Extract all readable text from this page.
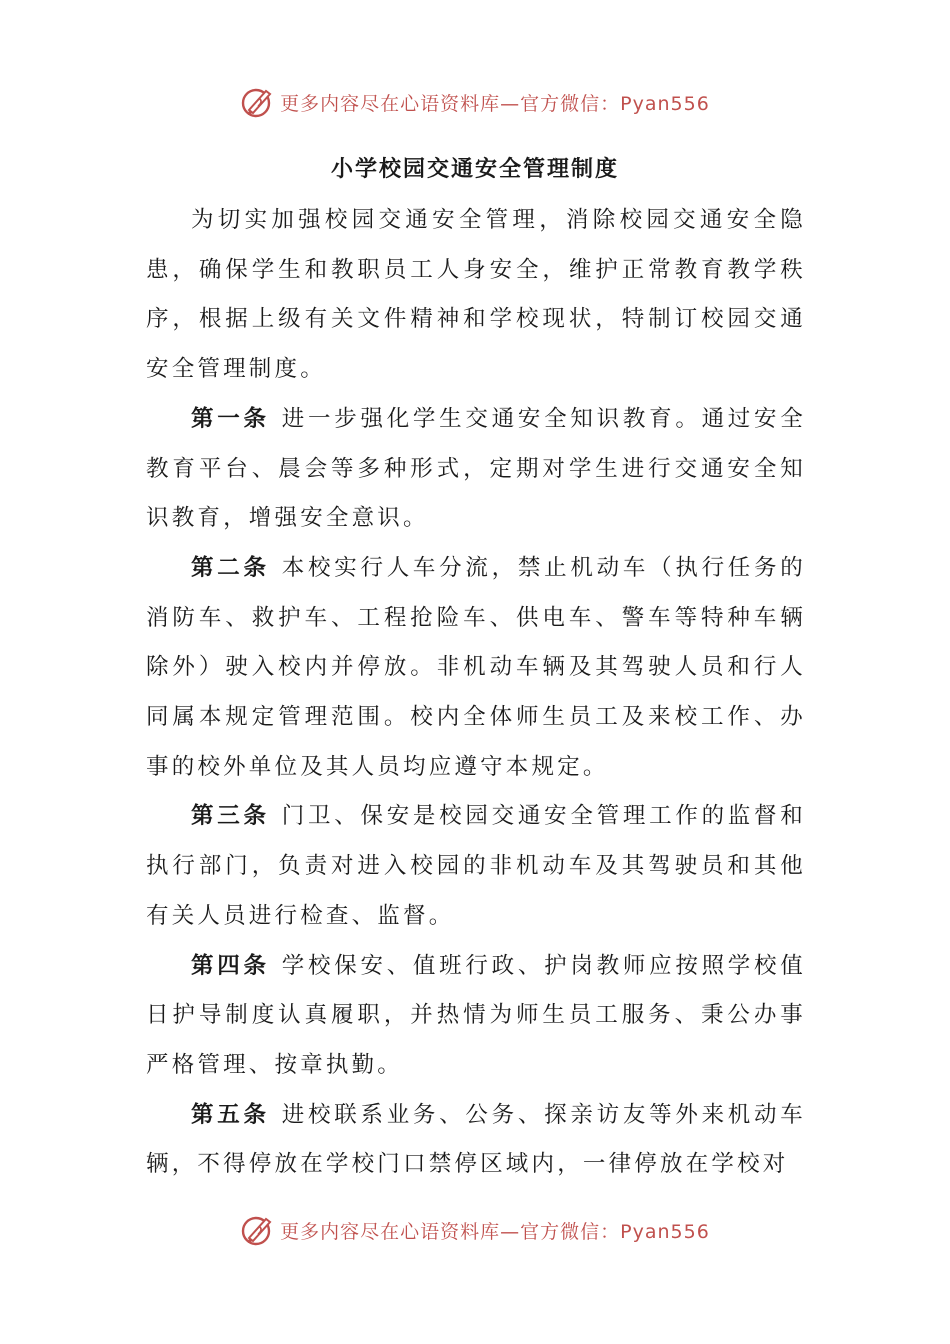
更多内容尽在心语资料库—官方微信：Pyan556
小学校园交通安全管理制度

为切实加强校园交通安全管理，消除校园交通安全隐患，确保学生和教职员工人身安全，维护正常教育教学秩序，根据上级有关文件精神和学校现状，特制订校园交通安全管理制度。

第一条 进一步强化学生交通安全知识教育。通过安全教育平台、晨会等多种形式，定期对学生进行交通安全知识教育，增强安全意识。

第二条 本校实行人车分流，禁止机动车（执行任务的消防车、救护车、工程抢险车、供电车、警车等特种车辆除外）驶入校内并停放。非机动车辆及其驾驶人员和行人同属本规定管理范围。校内全体师生员工及来校工作、办事的校外单位及其人员均应遵守本规定。

第三条 门卫、保安是校园交通安全管理工作的监督和执行部门，负责对进入校园的非机动车及其驾驶员和其他有关人员进行检查、监督。

第四条 学校保安、值班行政、护岗教师应按照学校值日护导制度认真履职，并热情为师生员工服务、秉公办事严格管理、按章执勤。

第五条 进校联系业务、公务、探亲访友等外来机动车辆，不得停放在学校门口禁停区域内，一律停放在学校对

更多内容尽在心语资料库—官方微信：Pyan556
